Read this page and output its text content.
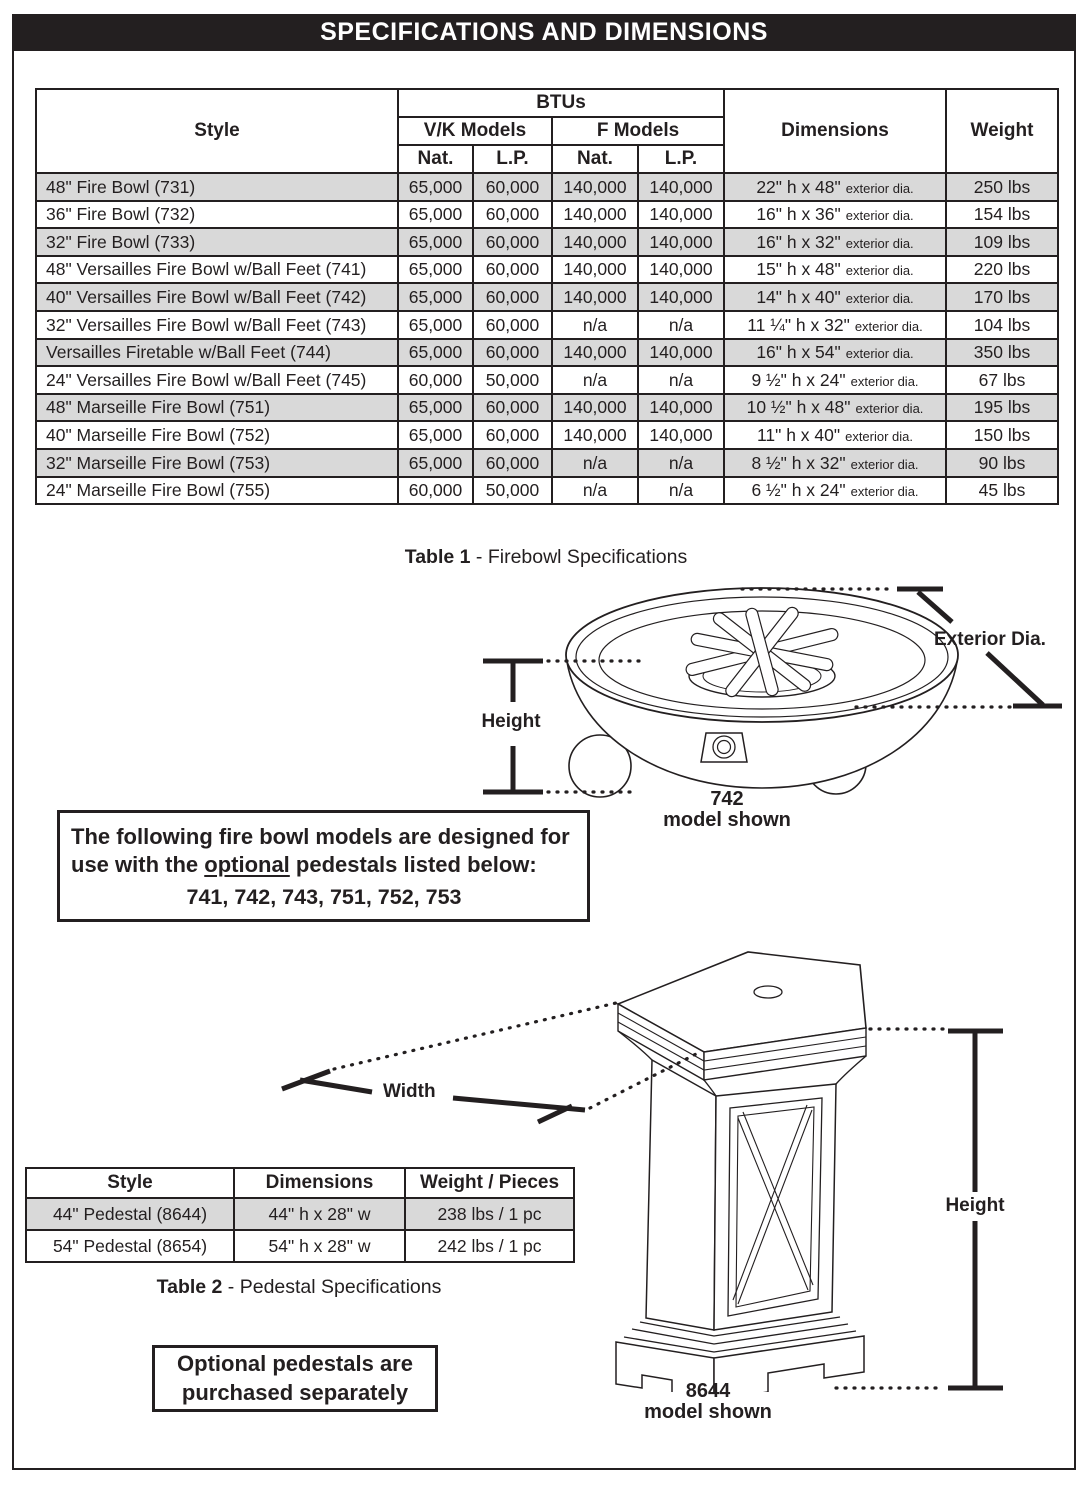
SPECIFICATIONS AND DIMENSIONS
Style	BTUs				Dimensions	Weight
	V/K Models		F Models			
	Nat.	L.P.	Nat.	L.P.		
48" Fire Bowl (731)	65,000	60,000	140,000	140,000	22" h x 48" exterior dia.	250 lbs
36" Fire Bowl (732)	65,000	60,000	140,000	140,000	16" h x 36" exterior dia.	154 lbs
32" Fire Bowl (733)	65,000	60,000	140,000	140,000	16" h x 32" exterior dia.	109 lbs
48" Versailles Fire Bowl w/Ball Feet (741)	65,000	60,000	140,000	140,000	15" h x 48" exterior dia.	220 lbs
40" Versailles Fire Bowl w/Ball Feet (742)	65,000	60,000	140,000	140,000	14" h x 40" exterior dia.	170 lbs
32" Versailles Fire Bowl w/Ball Feet (743)	65,000	60,000	n/a	n/a	11 ¼" h x 32" exterior dia.	104 lbs
Versailles Firetable w/Ball Feet (744)	65,000	60,000	140,000	140,000	16" h x 54" exterior dia.	350 lbs
24" Versailles Fire Bowl w/Ball Feet (745)	60,000	50,000	n/a	n/a	9 ½" h x 24" exterior dia.	67 lbs
48" Marseille Fire Bowl (751)	65,000	60,000	140,000	140,000	10 ½" h x 48" exterior dia.	195 lbs
40" Marseille Fire Bowl (752)	65,000	60,000	140,000	140,000	11" h x 40" exterior dia.	150 lbs
32" Marseille Fire Bowl (753)	65,000	60,000	n/a	n/a	8 ½" h x 32" exterior dia.	90 lbs
24" Marseille Fire Bowl (755)	60,000	50,000	n/a	n/a	6 ½" h x 24" exterior dia.	45 lbs
Table 1 - Firebowl Specifications
Height
Exterior Dia.
742
model shown
The following fire bowl models are designed for
use with the optional pedestals listed below:
741, 742, 743, 751, 752, 753
Width
Height
8644
model shown
Style	Dimensions	Weight / Pieces
44" Pedestal (8644)	44" h x 28" w	238 lbs / 1 pc
54" Pedestal (8654)	54" h x 28" w	242 lbs / 1 pc
Table 2 - Pedestal Specifications
Optional pedestals are
purchased separately
